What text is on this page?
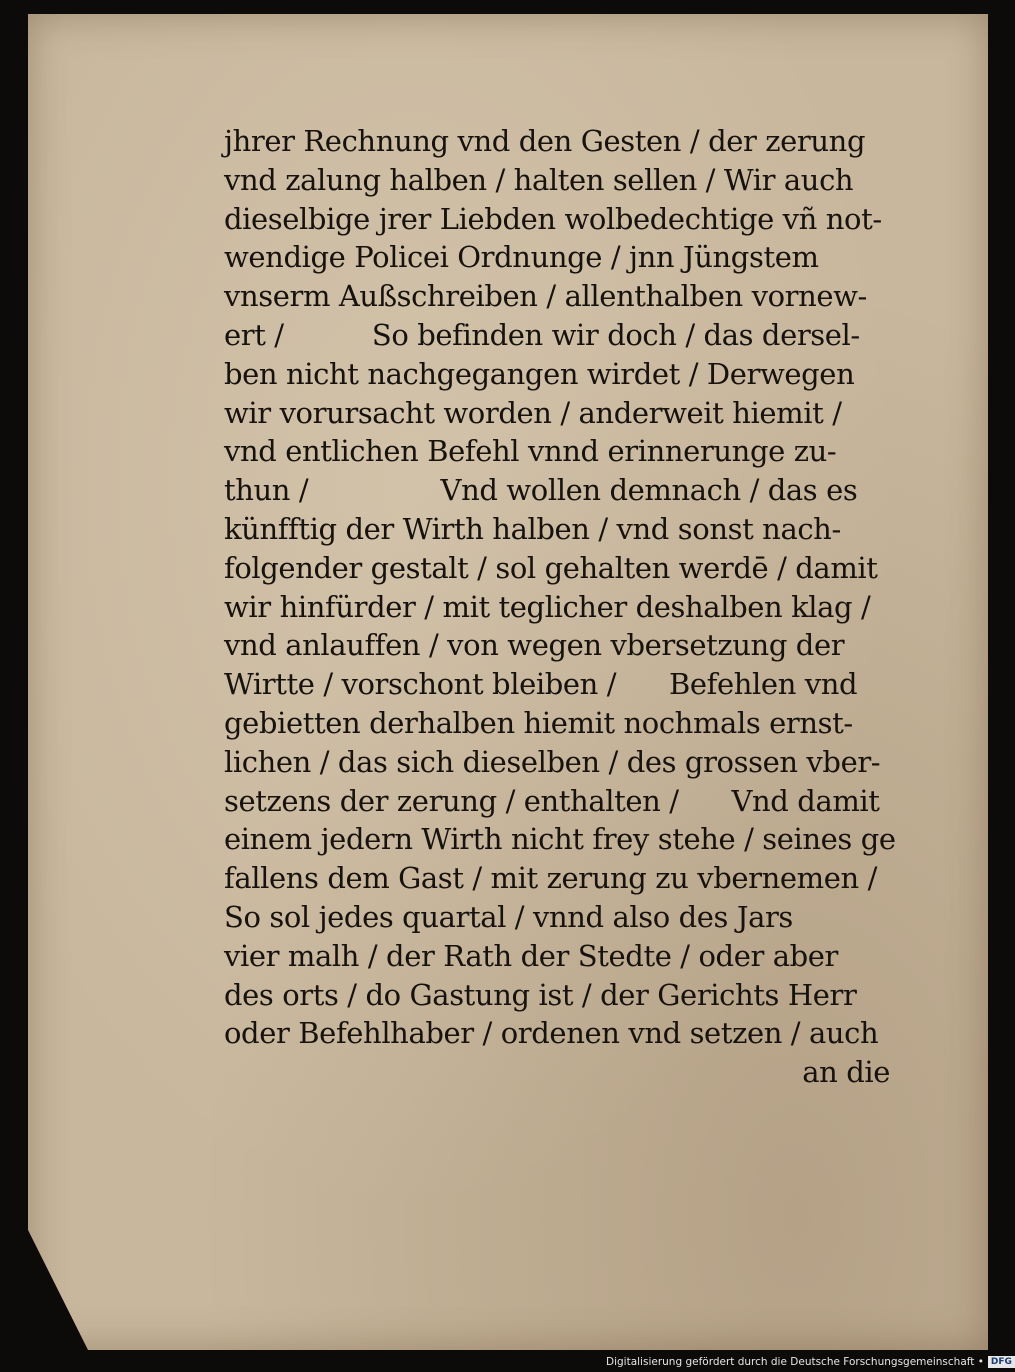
jhrer Rechnung vnd den Gesten / der zerung
vnd zalung halben / halten sellen / Wir auch
dieselbige jrer Liebden wolbedechtige vñ not-
wendige Policei Ordnunge / jnn Jüngstem
vnserm Außschreiben / allenthalben vornew-
ert /          So befinden wir doch / das dersel-
ben nicht nachgegangen wirdet / Derwegen
wir vorursacht worden / anderweit hiemit /
vnd entlichen Befehl vnnd erinnerunge zu-
thun /               Vnd wollen demnach / das es
künfftig der Wirth halben / vnd sonst nach-
folgender gestalt / sol gehalten werdē / damit
wir hinfürder / mit teglicher deshalben klag /
vnd anlauffen / von wegen vbersetzung der
Wirtte / vorschont bleiben /      Befehlen vnd
gebietten derhalben hiemit nochmals ernst-
lichen / das sich dieselben / des grossen vber-
setzens der zerung / enthalten /      Vnd damit
einem jedern Wirth nicht frey stehe / seines ge
fallens dem Gast / mit zerung zu vbernemen /
So sol jedes quartal / vnnd also des Jars
vier malh / der Rath der Stedte / oder aber
des orts / do Gastung ist / der Gerichts Herr
oder Befehlhaber / ordenen vnd setzen / auch
an die
Digitalisierung gefördert durch die Deutsche Forschungsgemeinschaft • DFG
